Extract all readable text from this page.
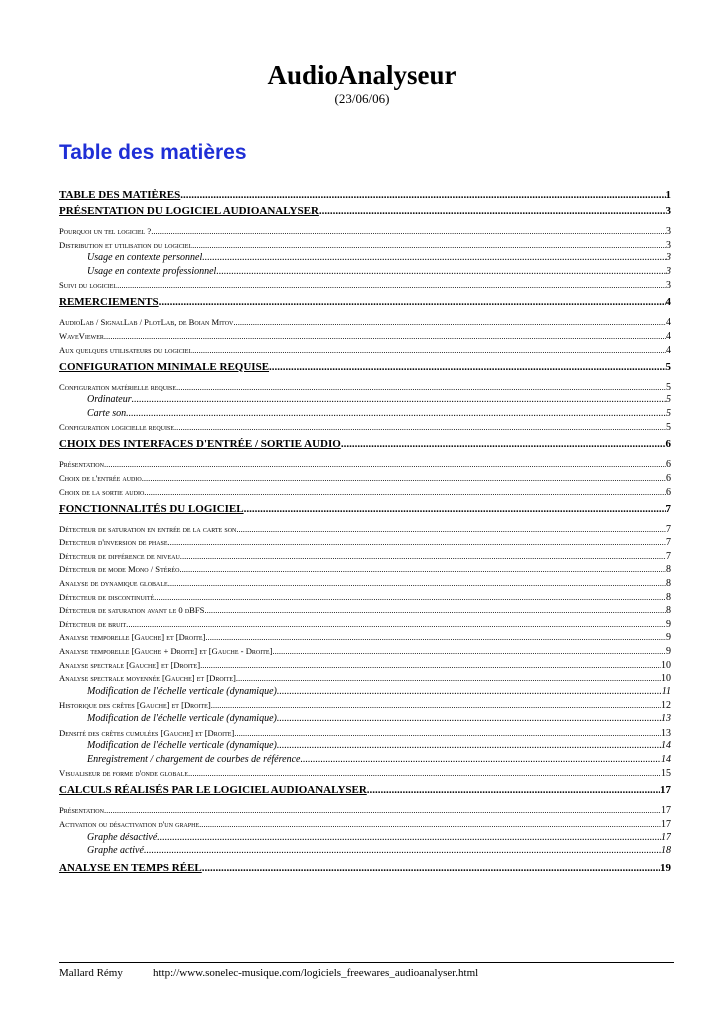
AudioAnalyseur
(23/06/06)
Table des matières
TABLE DES MATIÈRES .....	1
PRÉSENTATION DU LOGICIEL AUDIOANALYSER .....	3
Pourquoi un tel logiciel ? .....	3
Distribution et utilisation du logiciel .....	3
Usage en contexte personnel .....	3
Usage en contexte professionnel .....	3
Suivi du logiciel .....	3
REMERCIEMENTS .....	4
AudioLab / SignalLab / PlotLab, de Boian Mitov .....	4
WaveViewer .....	4
Aux quelques utilisateurs du logiciel .....	4
CONFIGURATION MINIMALE REQUISE .....	5
Configuration matérielle requise .....	5
Ordinateur .....	5
Carte son .....	5
Configuration logicielle requise .....	5
CHOIX DES INTERFACES D'ENTRÉE / SORTIE AUDIO .....	6
Présentation .....	6
Choix de l'entrée audio .....	6
Choix de la sortie audio .....	6
FONCTIONNALITÉS DU LOGICIEL .....	7
Détecteur de saturation en entrée de la carte son .....	7
Detecteur d'inversion de phase .....	7
Détecteur de différence de niveau .....	7
Détecteur de mode Mono / Stéréo .....	8
Analyse de dynamique globale .....	8
Détecteur de discontinuité .....	8
Détecteur de saturation avant le 0 dBFS .....	8
Détecteur de bruit .....	9
Analyse temporelle [Gauche] et [Droite] .....	9
Analyse temporelle [Gauche + Droite] et [Gauche - Droite] .....	9
Analyse spectrale [Gauche] et [Droite] .....	10
Analyse spectrale moyennée [Gauche] et [Droite] .....	10
Modification de l'échelle verticale (dynamique) .....	11
Historique des crêtes [Gauche] et [Droite] .....	12
Modification de l'échelle verticale (dynamique) .....	13
Densité des crêtes cumulées [Gauche] et [Droite] .....	13
Modification de l'échelle verticale (dynamique) .....	14
Enregistrement / chargement de courbes de référence .....	14
Visualiseur de forme d'onde globale .....	15
CALCULS RÉALISÉS PAR LE LOGICIEL AUDIOANALYSER .....	17
Présentation .....	17
Activation ou désactivation d'un graphe .....	17
Graphe désactivé .....	17
Graphe activé .....	18
ANALYSE EN TEMPS RÉEL .....	19
Mallard Rémy	http://www.sonelec-musique.com/logiciels_freewares_audioanalyser.html
